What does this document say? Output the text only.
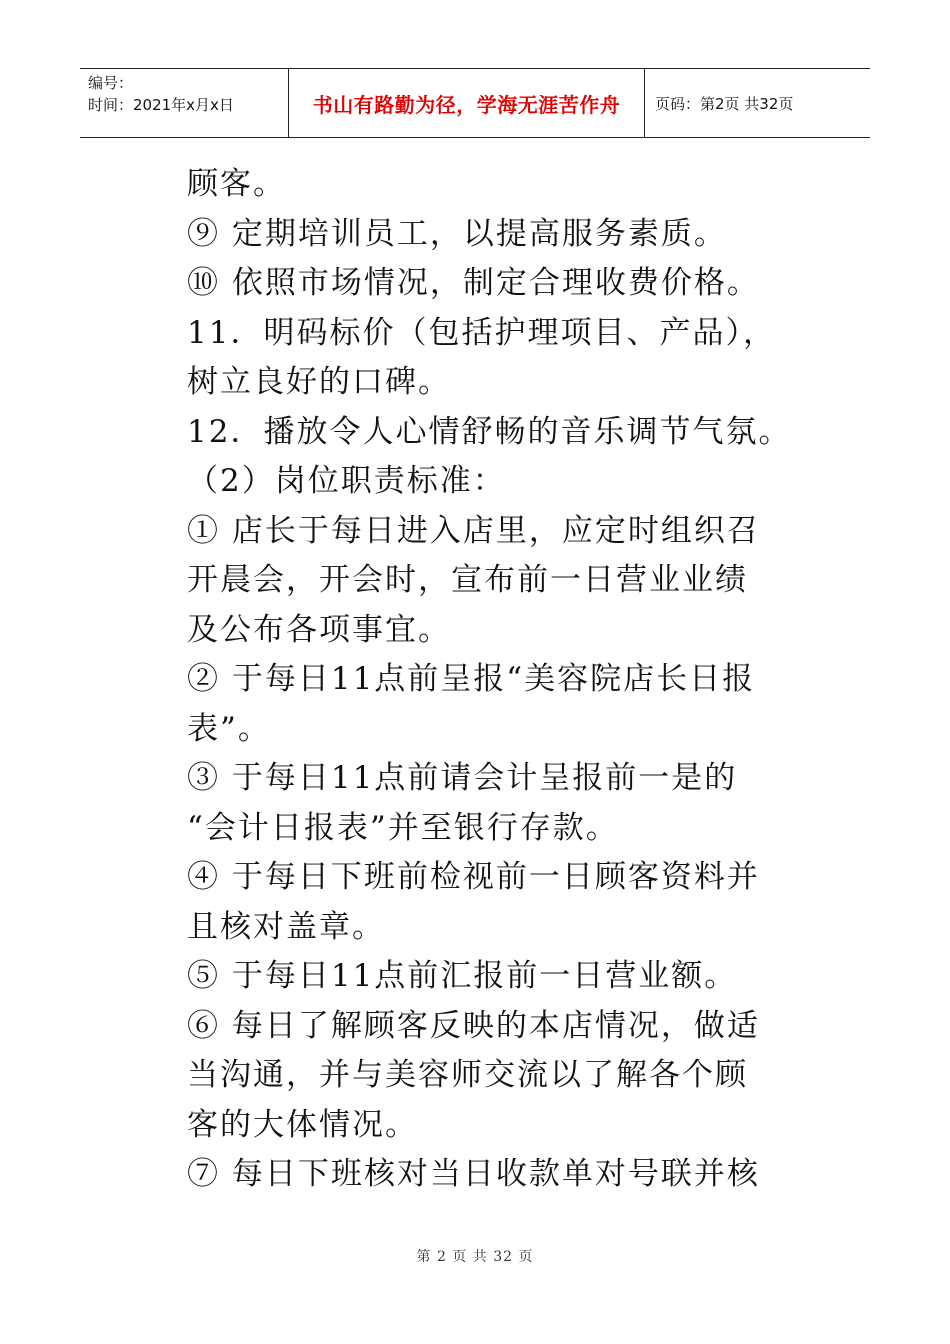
编号：
时间：2021年x月x日	书山有路勤为径，学海无涯苦作舟 页码：第2页 共32页

顾客。

⑨ 定期培训员工，以提高服务素质。

⑩ 依照市场情况，制定合理收费价格。

11．明码标价（包括护理项目、产品），

树立良好的口碑。

12．播放令人心情舒畅的音乐调节气氛。

（2）岗位职责标准：

① 店长于每日进入店里，应定时组织召

开晨会，开会时，宣布前一日营业业绩

及公布各项事宜。

② 于每日11点前呈报“美容院店长日报

表”。

③ 于每日11点前请会计呈报前一是的

“会计日报表”并至银行存款。

④ 于每日下班前检视前一日顾客资料并

且核对盖章。

⑤ 于每日11点前汇报前一日营业额。

⑥ 每日了解顾客反映的本店情况，做适

当沟通，并与美容师交流以了解各个顾

客的大体情况。

⑦ 每日下班核对当日收款单对号联并核

第 2 页 共 32 页
